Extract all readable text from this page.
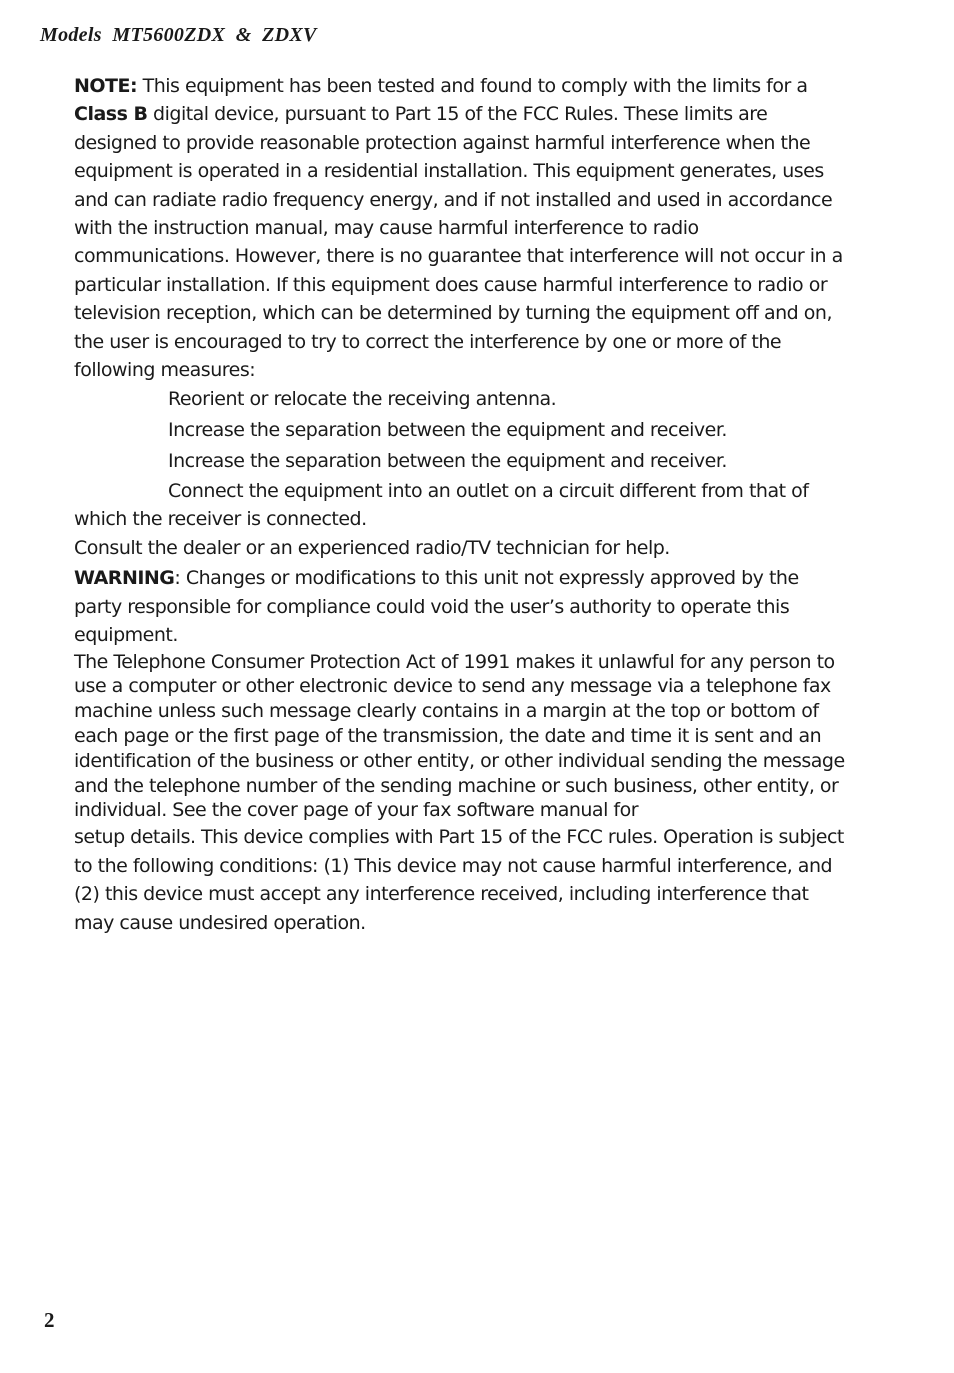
Models  MT5600ZDX  &  ZDXV

NOTE: This equipment has been tested and found to comply with the limits for a Class B digital device, pursuant to Part 15 of the FCC Rules. These limits are designed to provide reasonable protection against harmful interference when the equipment is operated in a residential installation. This equipment generates, uses and can radiate radio frequency energy, and if not installed and used in accordance with the instruction manual, may cause harmful interference to radio communications. However, there is no guarantee that interference will not occur in a particular installation. If this equipment does cause harmful interference to radio or television reception, which can be determined by turning the equipment off and on, the user is encouraged to try to correct the interference by one or more of the following measures:

Reorient or relocate the receiving antenna.

Increase the separation between the equipment and receiver.

Increase the separation between the equipment and receiver.

Connect the equipment into an outlet on a circuit different from that of which the receiver is connected.

Consult the dealer or an experienced radio/TV technician for help.

WARNING: Changes or modifications to this unit not expressly approved by the party responsible for compliance could void the user’s authority to operate this equipment.

The Telephone Consumer Protection Act of 1991 makes it unlawful for any person to use a computer or other electronic device to send any message via a telephone fax machine unless such message clearly contains in a margin at the top or bottom of each page or the first page of the transmission, the date and time it is sent and an identification of the business or other entity, or other individual sending the message and the telephone number of the sending machine or such business, other entity, or individual. See the cover page of your fax software manual for
setup details. This device complies with Part 15 of the FCC rules. Operation is subject to the following conditions: (1) This device may not cause harmful interference, and (2) this device must accept any interference received, including interference that may cause undesired operation.

2
